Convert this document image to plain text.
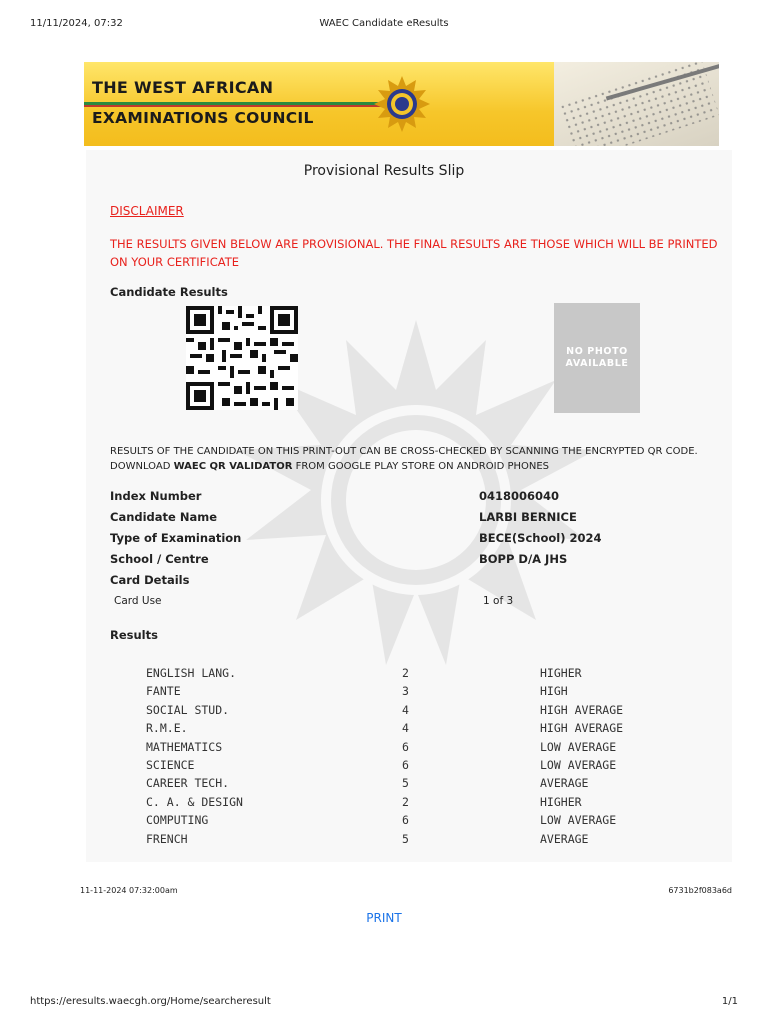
11/11/2024, 07:32	WAEC Candidate eResults
THE WEST AFRICAN
EXAMINATIONS COUNCIL
Provisional Results Slip
DISCLAIMER
THE RESULTS GIVEN BELOW ARE PROVISIONAL. THE FINAL RESULTS ARE THOSE WHICH WILL BE PRINTED ON YOUR CERTIFICATE
Candidate Results
NO PHOTO AVAILABLE
RESULTS OF THE CANDIDATE ON THIS PRINT-OUT CAN BE CROSS-CHECKED BY SCANNING THE ENCRYPTED QR CODE.
DOWNLOAD WAEC QR VALIDATOR FROM GOOGLE PLAY STORE ON ANDROID PHONES
Index Number	0418006040
Candidate Name	LARBI BERNICE
Type of Examination	BECE(School) 2024
School / Centre	BOPP D/A JHS
Card Details
Card Use	1 of 3
Results
ENGLISH LANG.	2	HIGHER
FANTE	3	HIGH
SOCIAL STUD.	4	HIGH AVERAGE
R.M.E.	4	HIGH AVERAGE
MATHEMATICS	6	LOW AVERAGE
SCIENCE	6	LOW AVERAGE
CAREER TECH.	5	AVERAGE
C. A. & DESIGN	2	HIGHER
COMPUTING	6	LOW AVERAGE
FRENCH	5	AVERAGE
11-11-2024 07:32:00am	6731b2f083a6d
PRINT
https://eresults.waecgh.org/Home/searcheresult	1/1
